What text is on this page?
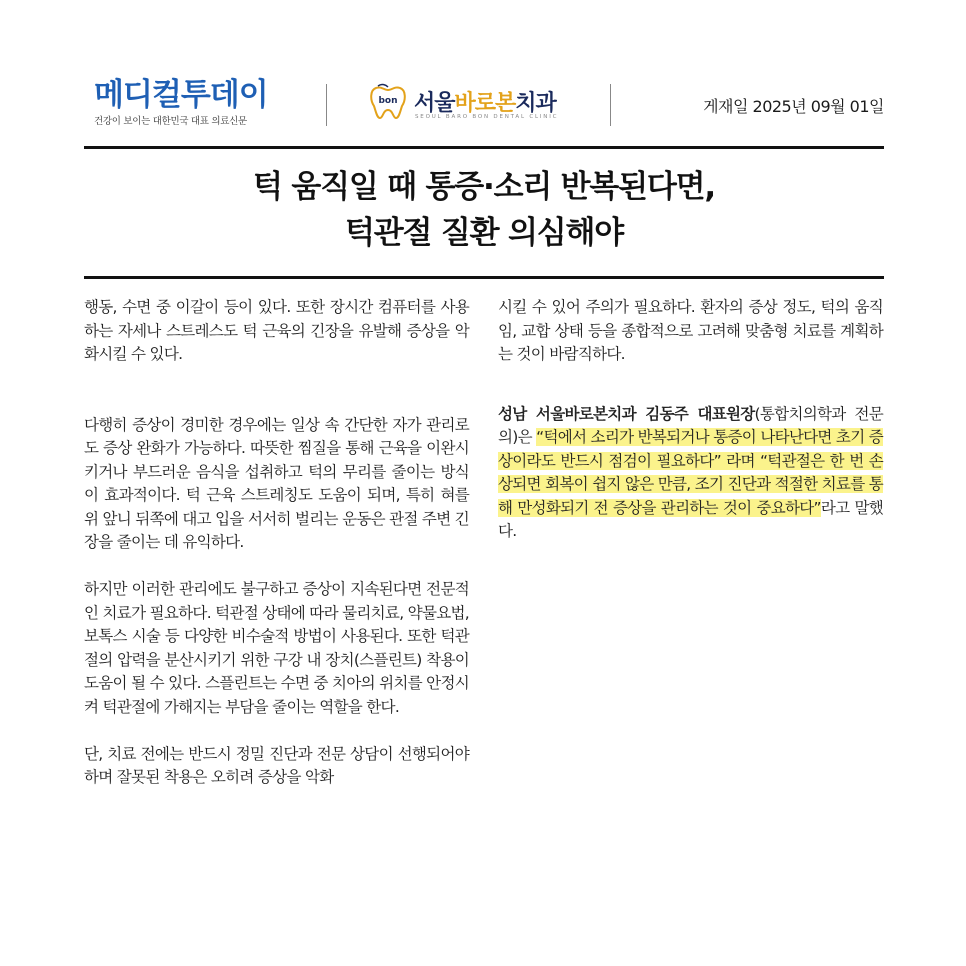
메디컬투데이
건강이 보이는 대한민국 대표 의료신문
bon 서울바로본치과
SEOUL BARO BON DENTAL CLINIC
게재일 2025년 09월 01일
턱 움직일 때 통증·소리 반복된다면,
턱관절 질환 의심해야

행동, 수면 중 이갈이 등이 있다. 또한 장시간 컴퓨터를 사용하는 자세나 스트레스도 턱 근육의 긴장을 유발해 증상을 악화시킬 수 있다.

다행히 증상이 경미한 경우에는 일상 속 간단한 자가 관리로도 증상 완화가 가능하다. 따뜻한 찜질을 통해 근육을 이완시키거나 부드러운 음식을 섭취하고 턱의 무리를 줄이는 방식이 효과적이다. 턱 근육 스트레칭도 도움이 되며, 특히 혀를 위 앞니 뒤쪽에 대고 입을 서서히 벌리는 운동은 관절 주변 긴장을 줄이는 데 유익하다.

하지만 이러한 관리에도 불구하고 증상이 지속된다면 전문적인 치료가 필요하다. 턱관절 상태에 따라 물리치료, 약물요법, 보톡스 시술 등 다양한 비수술적 방법이 사용된다. 또한 턱관절의 압력을 분산시키기 위한 구강 내 장치(스플린트) 착용이 도움이 될 수 있다. 스플린트는 수면 중 치아의 위치를 안정시켜 턱관절에 가해지는 부담을 줄이는 역할을 한다.

단, 치료 전에는 반드시 정밀 진단과 전문 상담이 선행되어야 하며 잘못된 착용은 오히려 증상을 악화

시킬 수 있어 주의가 필요하다. 환자의 증상 정도, 턱의 움직임, 교합 상태 등을 종합적으로 고려해 맞춤형 치료를 계획하는 것이 바람직하다.

성남 서울바로본치과 김동주 대표원장(통합치의학과 전문의)은 “턱에서 소리가 반복되거나 통증이 나타난다면 초기 증상이라도 반드시 점검이 필요하다” 라며 “턱관절은 한 번 손상되면 회복이 쉽지 않은 만큼, 조기 진단과 적절한 치료를 통해 만성화되기 전 증상을 관리하는 것이 중요하다”라고 말했다.
